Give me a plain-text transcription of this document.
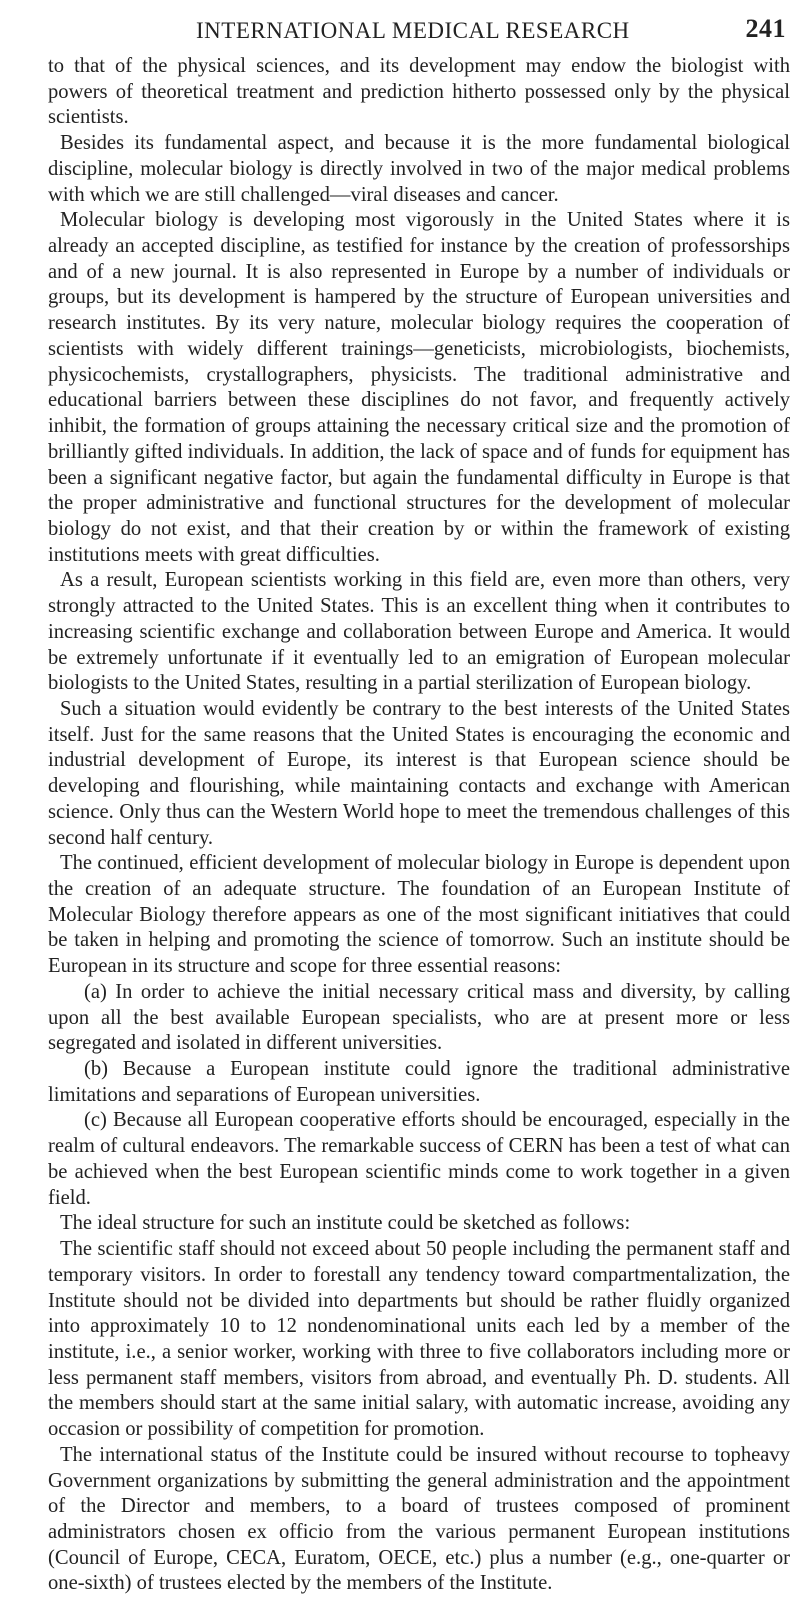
INTERNATIONAL MEDICAL RESEARCH	241

to that of the physical sciences, and its development may endow the biologist with powers of theoretical treatment and prediction hitherto possessed only by the physical scientists.

Besides its fundamental aspect, and because it is the more fundamental biological discipline, molecular biology is directly involved in two of the major medical problems with which we are still challenged—viral diseases and cancer.

Molecular biology is developing most vigorously in the United States where it is already an accepted discipline, as testified for instance by the creation of professorships and of a new journal. It is also represented in Europe by a number of individuals or groups, but its development is hampered by the structure of European universities and research institutes. By its very nature, molecular biology requires the cooperation of scientists with widely different trainings—geneticists, microbiologists, biochemists, physicochemists, crystallographers, physicists. The traditional administrative and educational barriers between these disciplines do not favor, and frequently actively inhibit, the formation of groups attaining the necessary critical size and the promotion of brilliantly gifted individuals. In addition, the lack of space and of funds for equipment has been a significant negative factor, but again the fundamental difficulty in Europe is that the proper administrative and functional structures for the development of molecular biology do not exist, and that their creation by or within the framework of existing institutions meets with great difficulties.

As a result, European scientists working in this field are, even more than others, very strongly attracted to the United States. This is an excellent thing when it contributes to increasing scientific exchange and collaboration between Europe and America. It would be extremely unfortunate if it eventually led to an emigration of European molecular biologists to the United States, resulting in a partial sterilization of European biology.

Such a situation would evidently be contrary to the best interests of the United States itself. Just for the same reasons that the United States is encouraging the economic and industrial development of Europe, its interest is that European science should be developing and flourishing, while maintaining contacts and exchange with American science. Only thus can the Western World hope to meet the tremendous challenges of this second half century.

The continued, efficient development of molecular biology in Europe is dependent upon the creation of an adequate structure. The foundation of an European Institute of Molecular Biology therefore appears as one of the most significant initiatives that could be taken in helping and promoting the science of tomorrow. Such an institute should be European in its structure and scope for three essential reasons:

(a) In order to achieve the initial necessary critical mass and diversity, by calling upon all the best available European specialists, who are at present more or less segregated and isolated in different universities.

(b) Because a European institute could ignore the traditional administrative limitations and separations of European universities.

(c) Because all European cooperative efforts should be encouraged, especially in the realm of cultural endeavors. The remarkable success of CERN has been a test of what can be achieved when the best European scientific minds come to work together in a given field.

The ideal structure for such an institute could be sketched as follows:

The scientific staff should not exceed about 50 people including the permanent staff and temporary visitors. In order to forestall any tendency toward compartmentalization, the Institute should not be divided into departments but should be rather fluidly organized into approximately 10 to 12 nondenominational units each led by a member of the institute, i.e., a senior worker, working with three to five collaborators including more or less permanent staff members, visitors from abroad, and eventually Ph. D. students. All the members should start at the same initial salary, with automatic increase, avoiding any occasion or possibility of competition for promotion.

The international status of the Institute could be insured without recourse to topheavy Government organizations by submitting the general administration and the appointment of the Director and members, to a board of trustees composed of prominent administrators chosen ex officio from the various permanent European institutions (Council of Europe, CECA, Euratom, OECE, etc.) plus a number (e.g., one-quarter or one-sixth) of trustees elected by the members of the Institute.
